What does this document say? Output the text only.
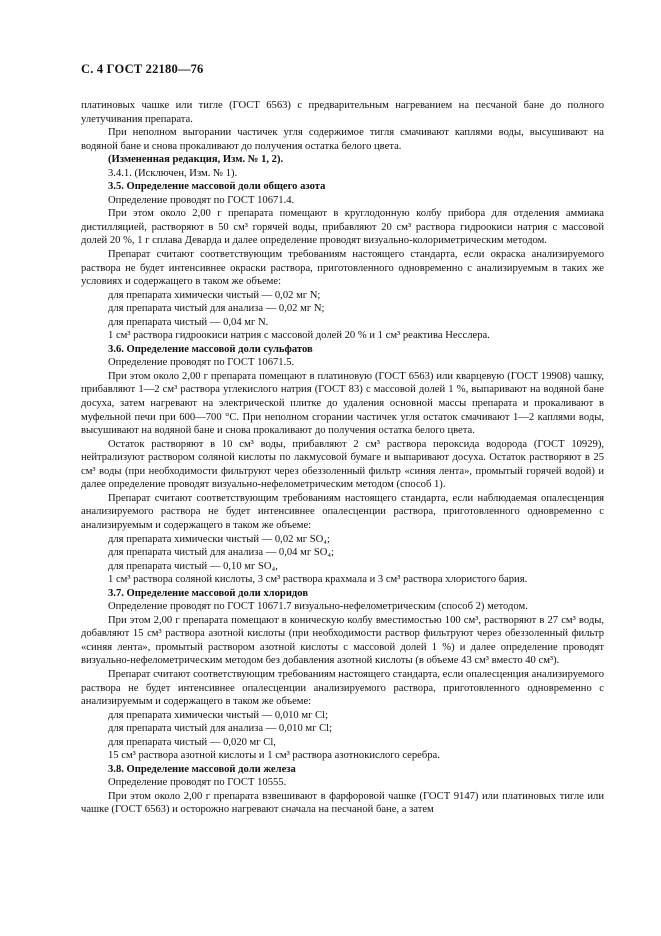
С. 4 ГОСТ 22180—76

платиновых чашке или тигле (ГОСТ 6563) с предварительным нагреванием на песчаной бане до полного улетучивания препарата.

При неполном выгорании частичек угля содержимое тигля смачивают каплями воды, высушивают на водяной бане и снова прокаливают до получения остатка белого цвета.

(Измененная редакция, Изм. № 1, 2).

3.4.1. (Исключен, Изм. № 1).

3.5. Определение массовой доли общего азота

Определение проводят по ГОСТ 10671.4.

При этом около 2,00 г препарата помещают в круглодонную колбу прибора для отделения аммиака дистилляцией, растворяют в 50 см³ горячей воды, прибавляют 20 см³ раствора гидроокиси натрия с массовой долей 20 %, 1 г сплава Деварда и далее определение проводят визуально-колориметрическим методом.

Препарат считают соответствующим требованиям настоящего стандарта, если окраска анализируемого раствора не будет интенсивнее окраски раствора, приготовленного одновременно с анализируемым в таких же условиях и содержащего в таком же объеме:

для препарата химически чистый — 0,02 мг N;

для препарата чистый для анализа — 0,02 мг N;

для препарата чистый — 0,04 мг N.

1 см³ раствора гидроокиси натрия с массовой долей 20 % и 1 см³ реактива Несслера.

3.6. Определение массовой доли сульфатов

Определение проводят по ГОСТ 10671.5.

При этом около 2,00 г препарата помещают в платиновую (ГОСТ 6563) или кварцевую (ГОСТ 19908) чашку, прибавляют 1—2 см³ раствора углекислого натрия (ГОСТ 83) с массовой долей 1 %, выпаривают на водяной бане досуха, затем нагревают на электрической плитке до удаления основной массы препарата и прокаливают в муфельной печи при 600—700 °С. При неполном сгорании частичек угля остаток смачивают 1—2 каплями воды, высушивают на водяной бане и снова прокаливают до получения остатка белого цвета.

Остаток растворяют в 10 см³ воды, прибавляют 2 см³ раствора пероксида водорода (ГОСТ 10929), нейтрализуют раствором соляной кислоты по лакмусовой бумаге и выпаривают досуха. Остаток растворяют в 25 см³ воды (при необходимости фильтруют через обеззоленный фильтр «синяя лента», промытый горячей водой) и далее определение проводят визуально-нефелометрическим методом (способ 1).

Препарат считают соответствующим требованиям настоящего стандарта, если наблюдаемая опалесценция анализируемого раствора не будет интенсивнее опалесценции раствора, приготовленного одновременно с анализируемым и содержащего в таком же объеме:

для препарата химически чистый — 0,02 мг SO₄;

для препарата чистый для анализа — 0,04 мг SO₄;

для препарата чистый — 0,10 мг SO₄,

1 см³ раствора соляной кислоты, 3 см³ раствора крахмала и 3 см³ раствора хлористого бария.

3.7. Определение массовой доли хлоридов

Определение проводят по ГОСТ 10671.7 визуально-нефелометрическим (способ 2) методом.

При этом 2,00 г препарата помещают в коническую колбу вместимостью 100 см³, растворяют в 27 см³ воды, добавляют 15 см³ раствора азотной кислоты (при необходимости раствор фильтруют через обеззоленный фильтр «синяя лента», промытый раствором азотной кислоты с массовой долей 1 %) и далее определение проводят визуально-нефелометрическим методом без добавления азотной кислоты (в объеме 43 см³ вместо 40 см³).

Препарат считают соответствующим требованиям настоящего стандарта, если опалесценция анализируемого раствора не будет интенсивнее опалесценции анализируемого раствора, приготовленного одновременно с анализируемым и содержащего в таком же объеме:

для препарата химически чистый — 0,010 мг Cl;

для препарата чистый для анализа — 0,010 мг Cl;

для препарата чистый — 0,020 мг Cl,

15 см³ раствора азотной кислоты и 1 см³ раствора азотнокислого серебра.

3.8. Определение массовой доли железа

Определение проводят по ГОСТ 10555.

При этом около 2,00 г препарата взвешивают в фарфоровой чашке (ГОСТ 9147) или платиновых тигле или чашке (ГОСТ 6563) и осторожно нагревают сначала на песчаной бане, а затем
